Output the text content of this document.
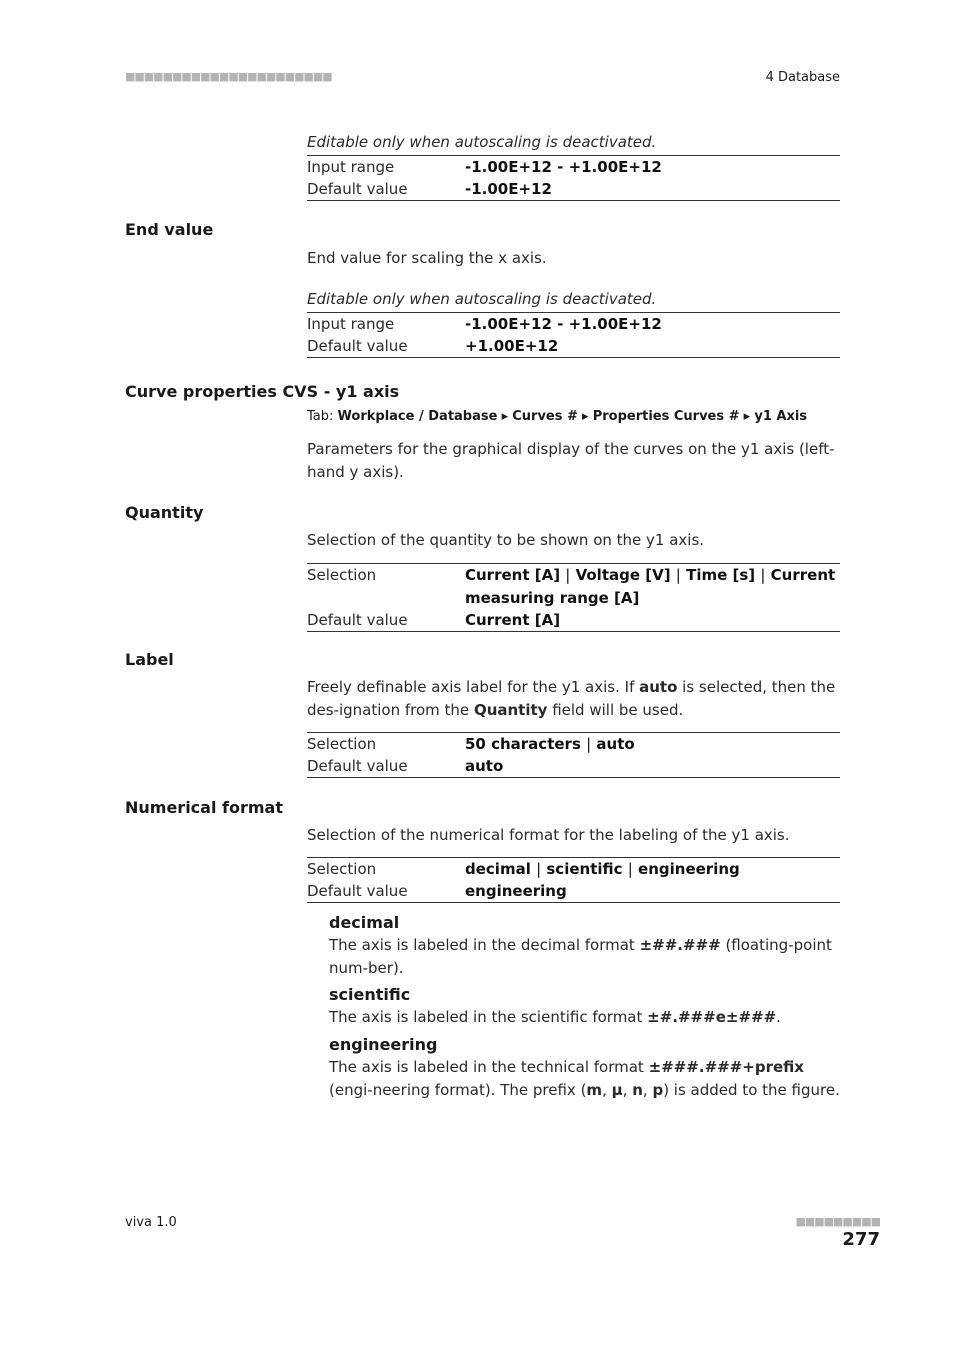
■■■■■■■■■■■■■■■■■■■■■■	4 Database
Editable only when autoscaling is deactivated.
Input range	-1.00E+12 - +1.00E+12
Default value	-1.00E+12
End value
End value for scaling the x axis.
Editable only when autoscaling is deactivated.
Input range	-1.00E+12 - +1.00E+12
Default value	+1.00E+12
Curve properties CVS - y1 axis
Tab: Workplace / Database ▸ Curves # ▸ Properties Curves # ▸ y1 Axis
Parameters for the graphical display of the curves on the y1 axis (left-hand y axis).
Quantity
Selection of the quantity to be shown on the y1 axis.
Selection	Current [A] | Voltage [V] | Time [s] | Current measuring range [A]
Default value	Current [A]
Label
Freely definable axis label for the y1 axis. If auto is selected, then the des-ignation from the Quantity field will be used.
Selection	50 characters | auto
Default value	auto
Numerical format
Selection of the numerical format for the labeling of the y1 axis.
Selection	decimal | scientific | engineering
Default value	engineering
decimal
The axis is labeled in the decimal format ±##.### (floating-point num-ber).
scientific
The axis is labeled in the scientific format ±#.###e±###.
engineering
The axis is labeled in the technical format ±###.###+prefix (engi-neering format). The prefix (m, µ, n, p) is added to the figure.
viva 1.0	■■■■■■■■■ 277
